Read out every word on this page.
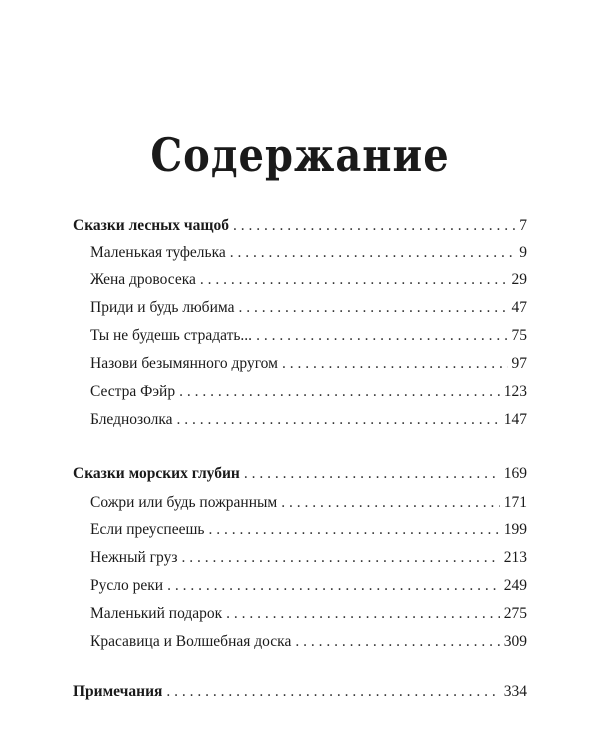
Содержание
Сказки лесных чащоб . . .	7
Маленькая туфелька . . .	9
Жена дровосека . . .	29
Приди и будь любима . . .	47
Ты не будешь страдать... . . .	75
Назови безымянного другом . . .	97
Сестра Фэйр . . .	123
Бледнозолка . . .	147
Сказки морских глубин . . .	169
Сожри или будь пожранным . . .	171
Если преуспеешь . . .	199
Нежный груз . . .	213
Русло реки . . .	249
Маленький подарок . . .	275
Красавица и Волшебная доска . . .	309
Примечания . . .	334
